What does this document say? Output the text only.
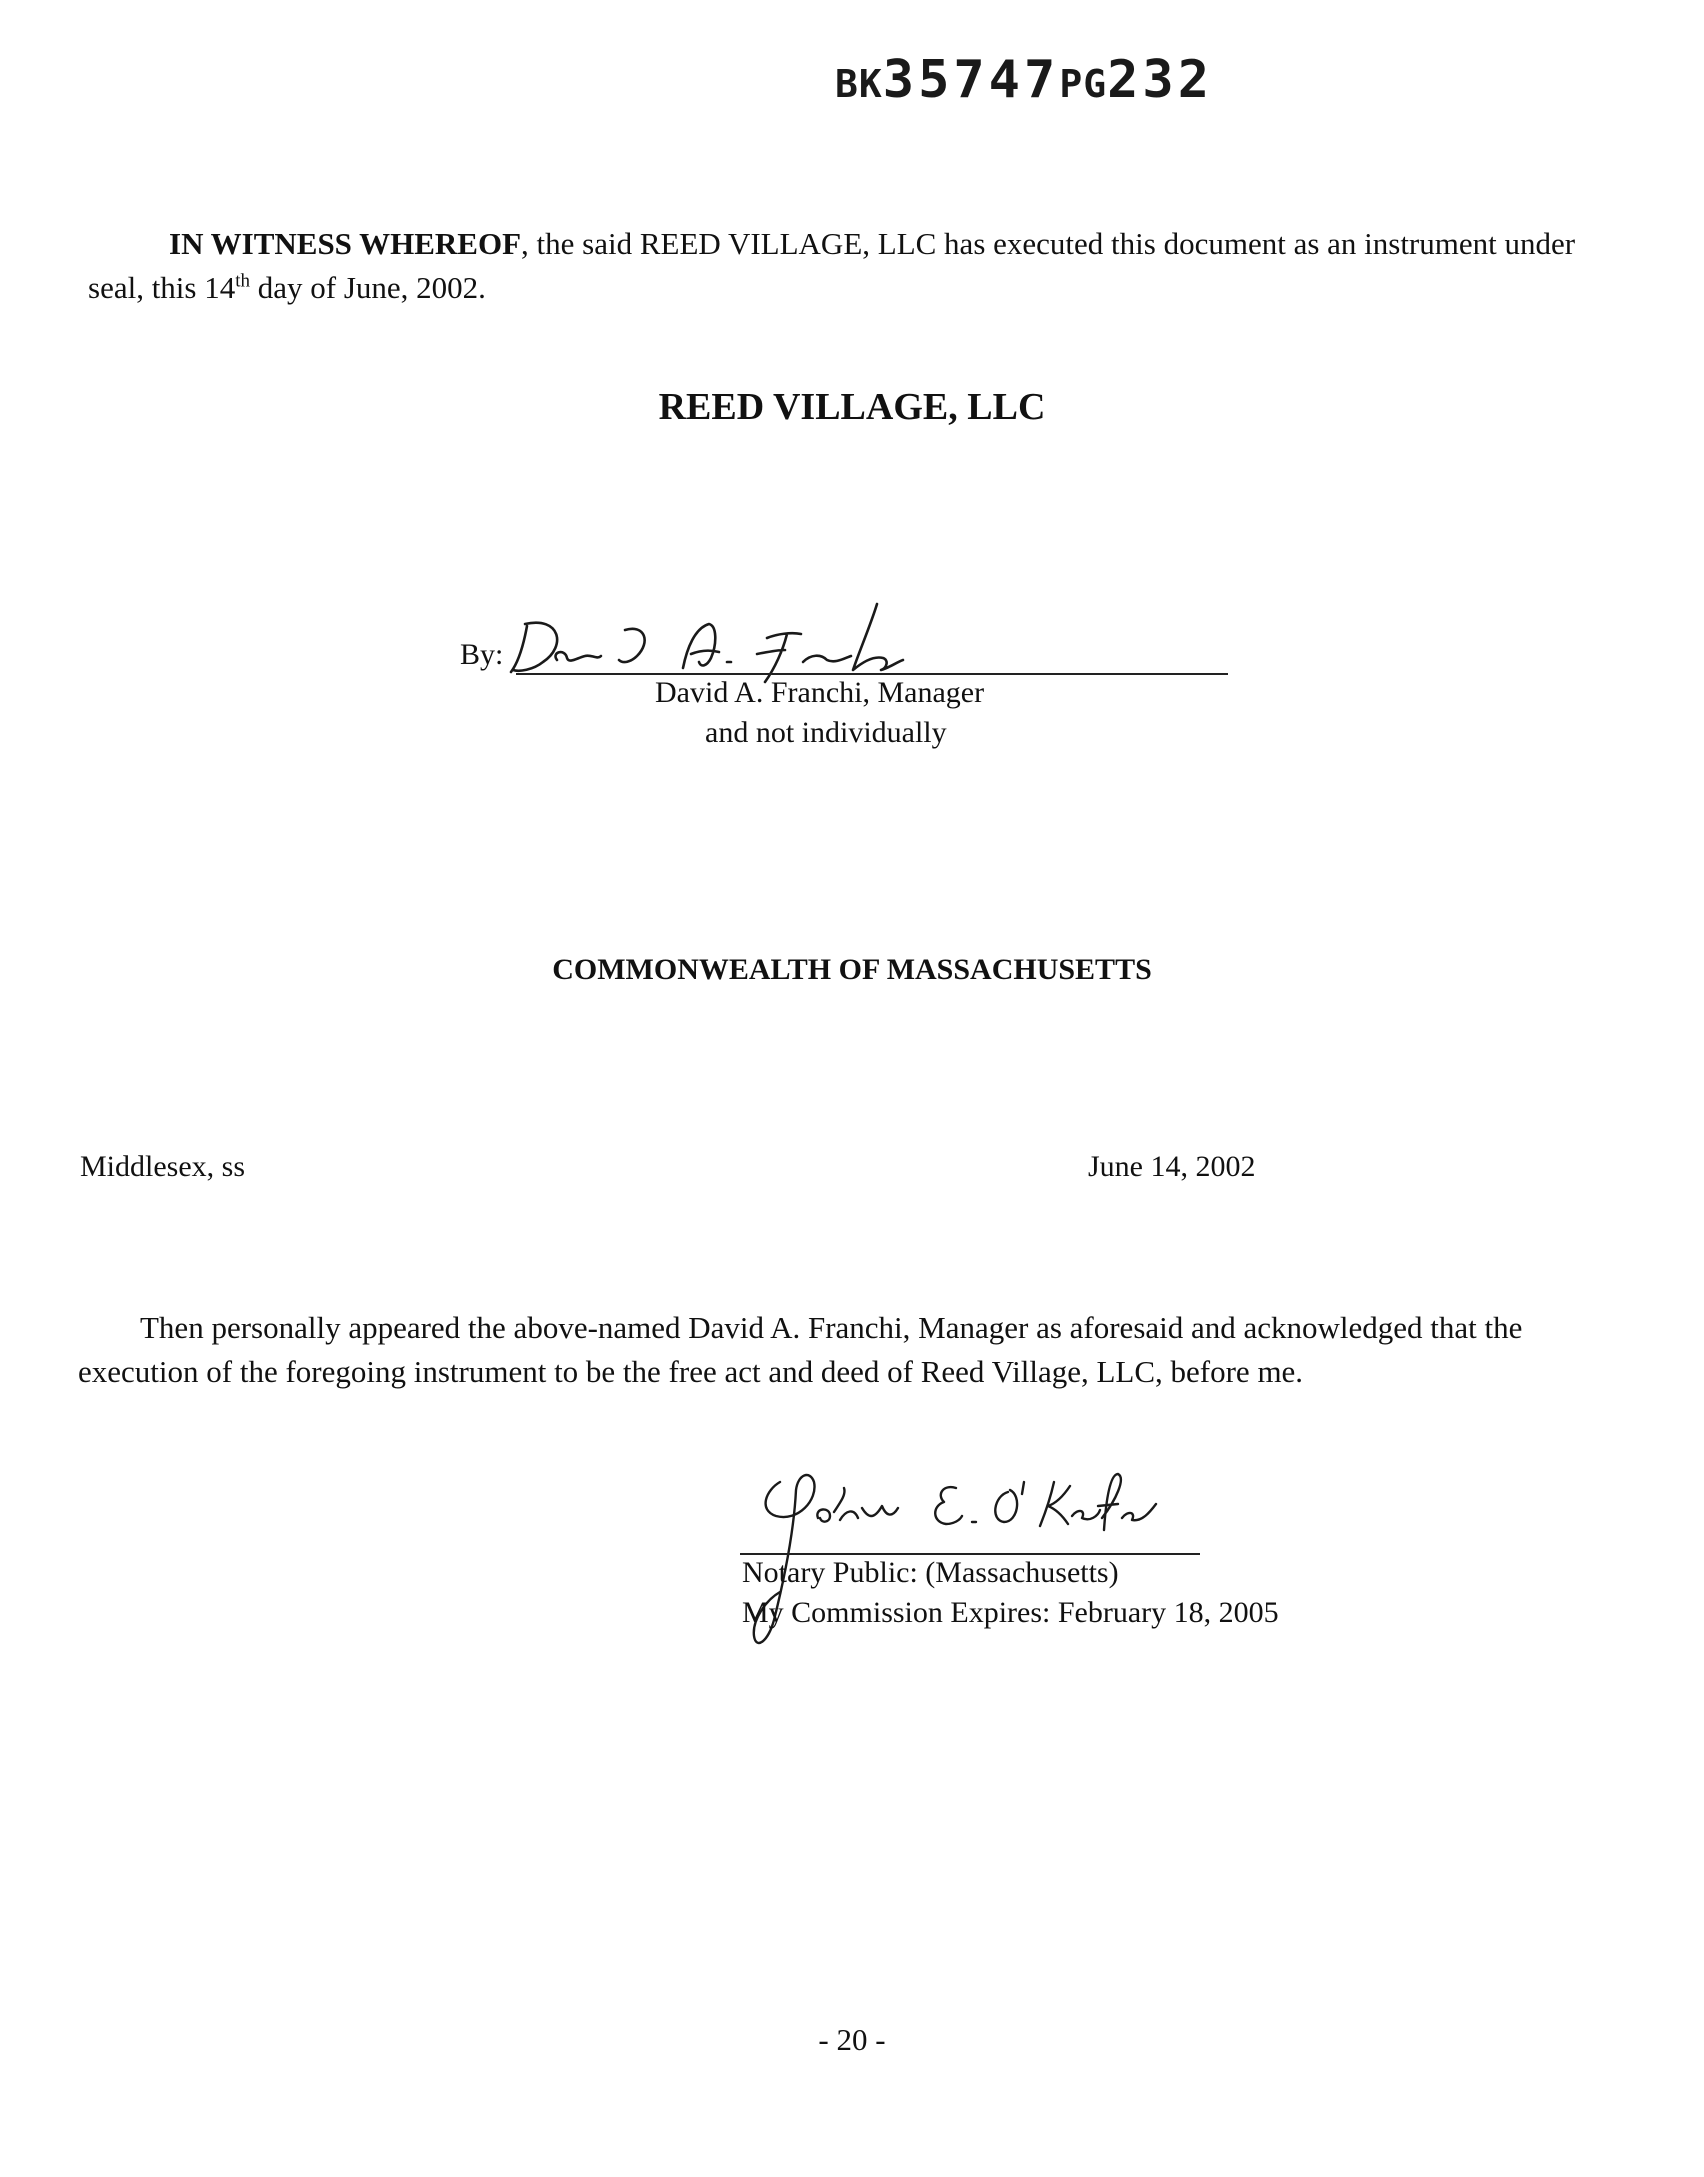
BK35747PG232
IN WITNESS WHEREOF, the said REED VILLAGE, LLC has executed this document as an instrument under seal, this 14th day of June, 2002.
REED VILLAGE, LLC
By:
David A. Franchi, Manager
and not individually
COMMONWEALTH OF MASSACHUSETTS
Middlesex, ss	June 14, 2002
Then personally appeared the above-named David A. Franchi, Manager as aforesaid and acknowledged that the execution of the foregoing instrument to be the free act and deed of Reed Village, LLC, before me.
Notary Public: (Massachusetts)
My Commission Expires: February 18, 2005
- 20 -
